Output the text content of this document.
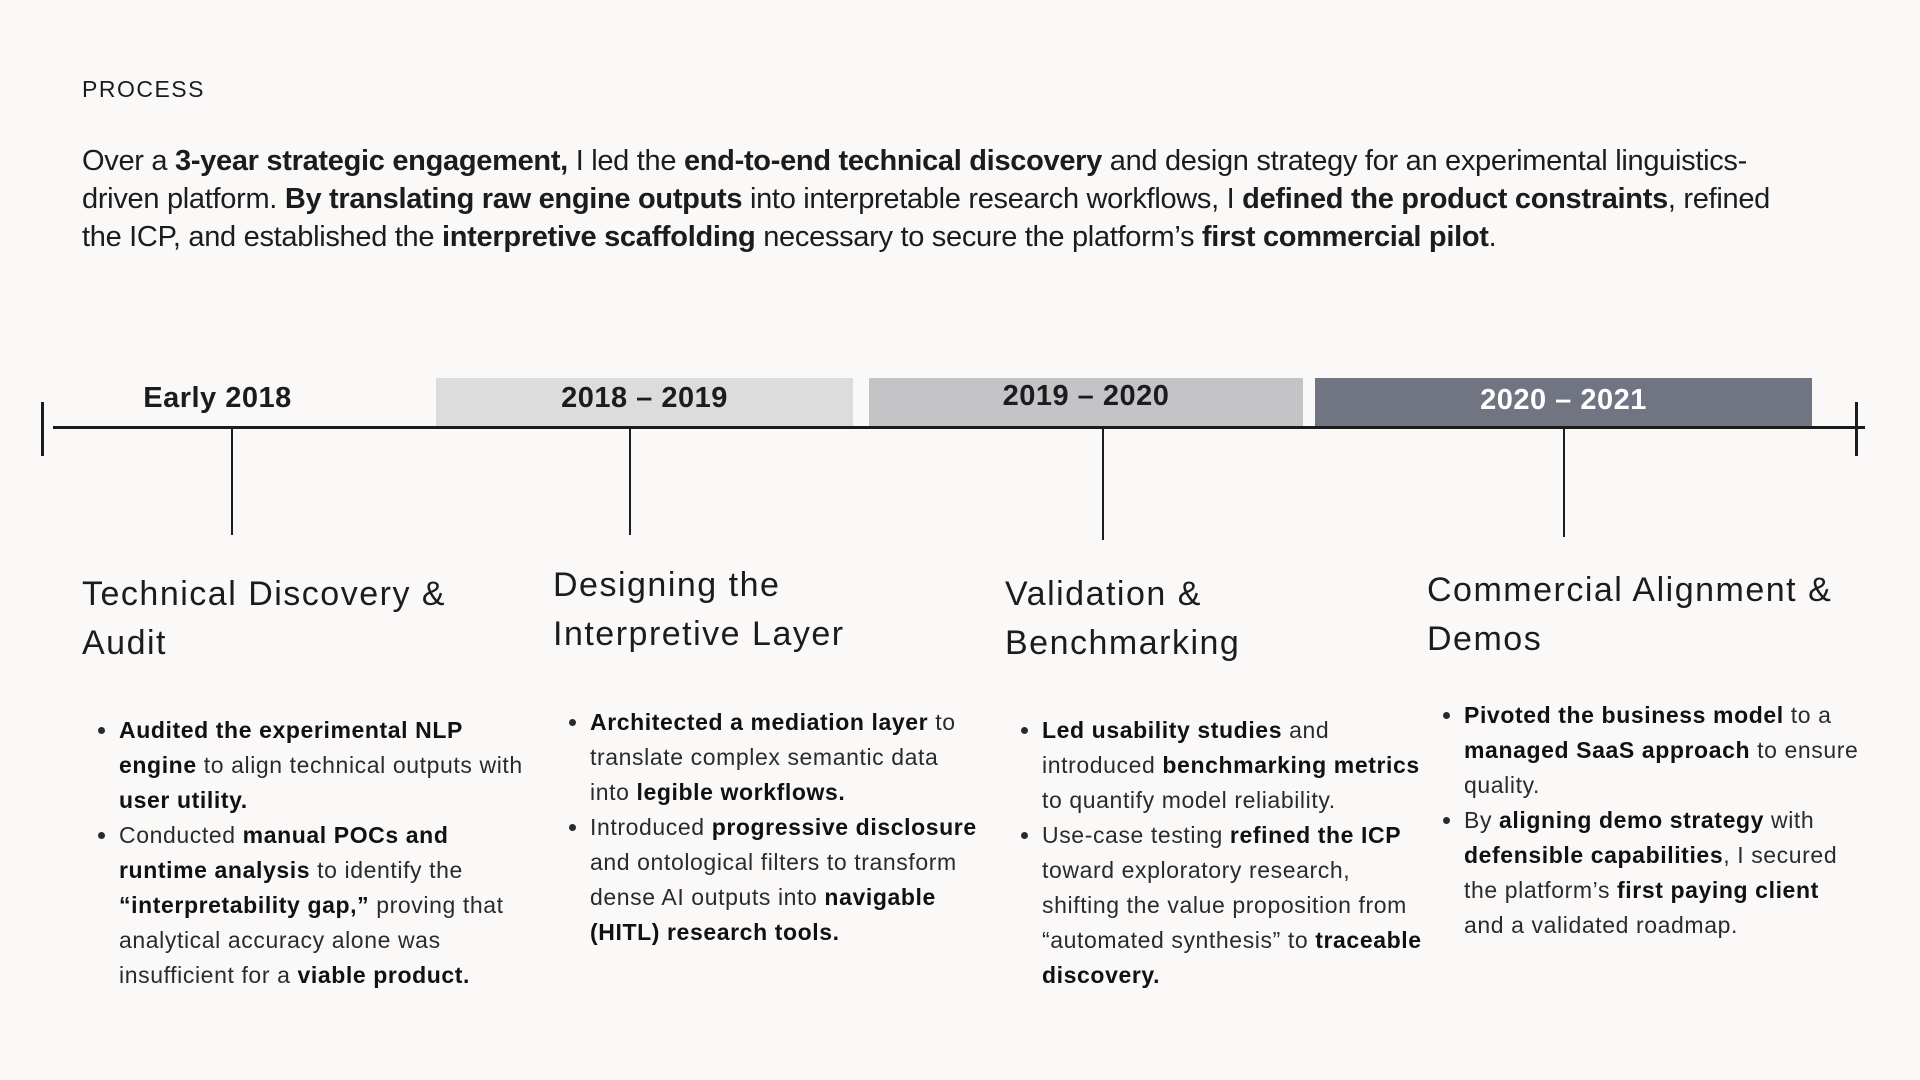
PROCESS

Over a 3-year strategic engagement, I led the end-to-end technical discovery and design strategy for an experimental linguistics-driven platform. By translating raw engine outputs into interpretable research workflows, I defined the product constraints, refined the ICP, and established the interpretive scaffolding necessary to secure the platform’s first commercial pilot.

Early 2018	2018 – 2019	2019 – 2020	2020 – 2021
Technical Discovery & Audit
• Audited the experimental NLP engine to align technical outputs with user utility.
• Conducted manual POCs and runtime analysis to identify the “interpretability gap,” proving that analytical accuracy alone was insufficient for a viable product.
Designing the Interpretive Layer
• Architected a mediation layer to translate complex semantic data into legible workflows.
• Introduced progressive disclosure and ontological filters to transform dense AI outputs into navigable (HITL) research tools.
Validation & Benchmarking
• Led usability studies and introduced benchmarking metrics to quantify model reliability.
• Use-case testing refined the ICP toward exploratory research, shifting the value proposition from “automated synthesis” to traceable discovery.
Commercial Alignment & Demos
• Pivoted the business model to a managed SaaS approach to ensure quality.
• By aligning demo strategy with defensible capabilities, I secured the platform’s first paying client and a validated roadmap.
